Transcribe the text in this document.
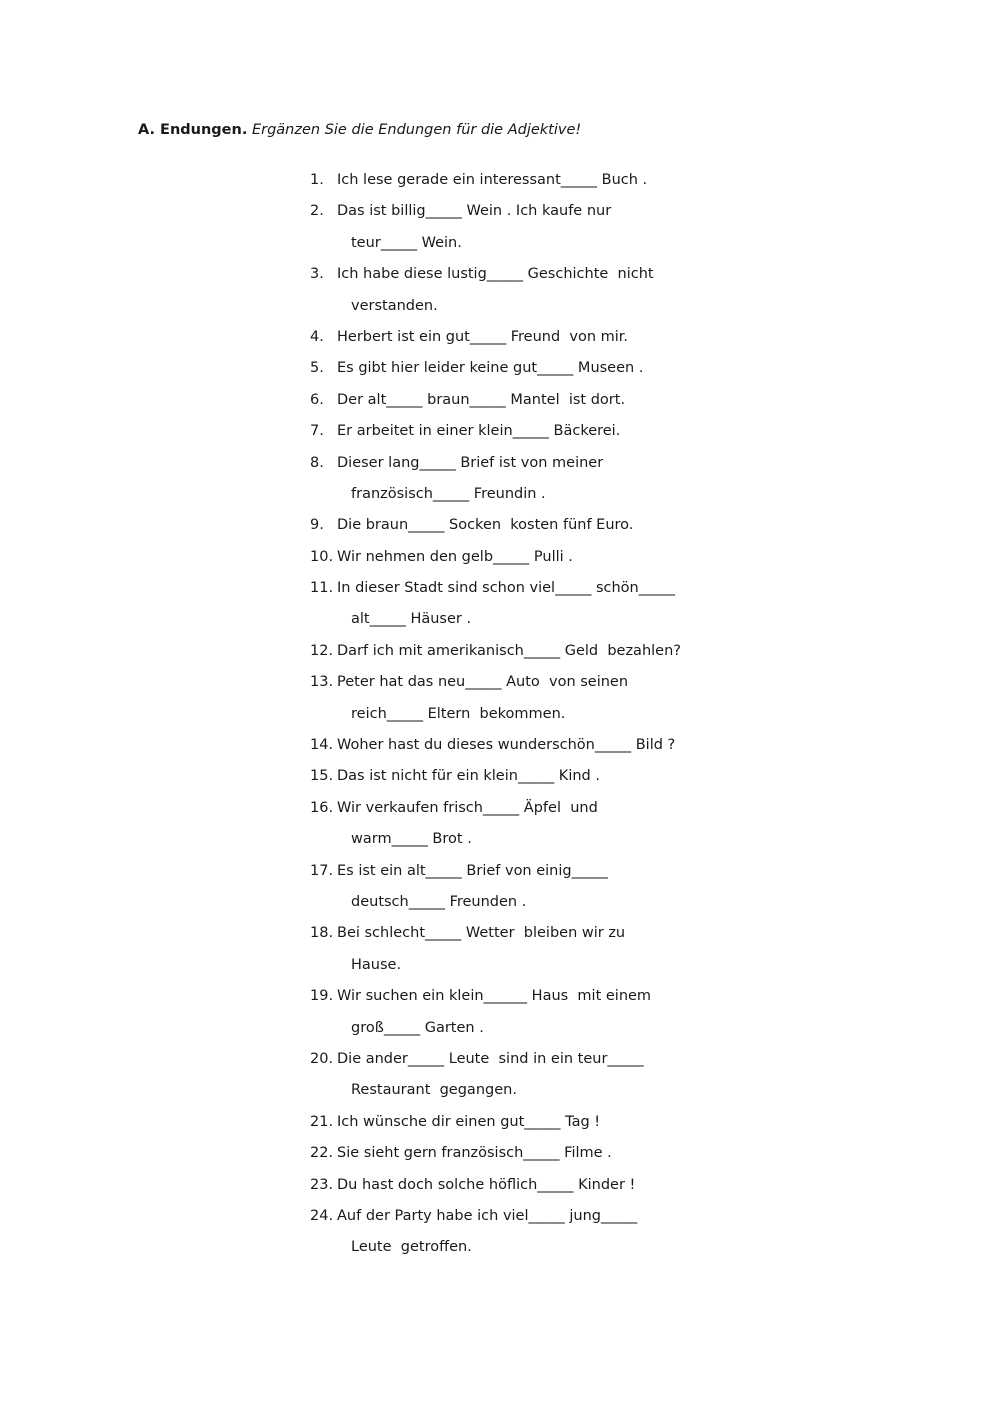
A. Endungen. Ergänzen Sie die Endungen für die Adjektive!
1. Ich lese gerade ein interessant_____ Buch .
2. Das ist billig_____ Wein . Ich kaufe nur
teur_____ Wein.
3. Ich habe diese lustig_____ Geschichte  nicht
verstanden.
4. Herbert ist ein gut_____ Freund  von mir.
5. Es gibt hier leider keine gut_____ Museen .
6. Der alt_____ braun_____ Mantel  ist dort.
7. Er arbeitet in einer klein_____ Bäckerei.
8. Dieser lang_____ Brief ist von meiner
französisch_____ Freundin .
9. Die braun_____ Socken  kosten fünf Euro.
10. Wir nehmen den gelb_____ Pulli .
11. In dieser Stadt sind schon viel_____ schön_____
alt_____ Häuser .
12. Darf ich mit amerikanisch_____ Geld  bezahlen?
13. Peter hat das neu_____ Auto  von seinen
reich_____ Eltern  bekommen.
14. Woher hast du dieses wunderschön_____ Bild ?
15. Das ist nicht für ein klein_____ Kind .
16. Wir verkaufen frisch_____ Äpfel  und
warm_____ Brot .
17. Es ist ein alt_____ Brief von einig_____
deutsch_____ Freunden .
18. Bei schlecht_____ Wetter  bleiben wir zu
Hause.
19. Wir suchen ein klein______ Haus  mit einem
groß_____ Garten .
20. Die ander_____ Leute  sind in ein teur_____
Restaurant  gegangen.
21. Ich wünsche dir einen gut_____ Tag !
22. Sie sieht gern französisch_____ Filme .
23. Du hast doch solche höflich_____ Kinder !
24. Auf der Party habe ich viel_____ jung_____
Leute  getroffen.
